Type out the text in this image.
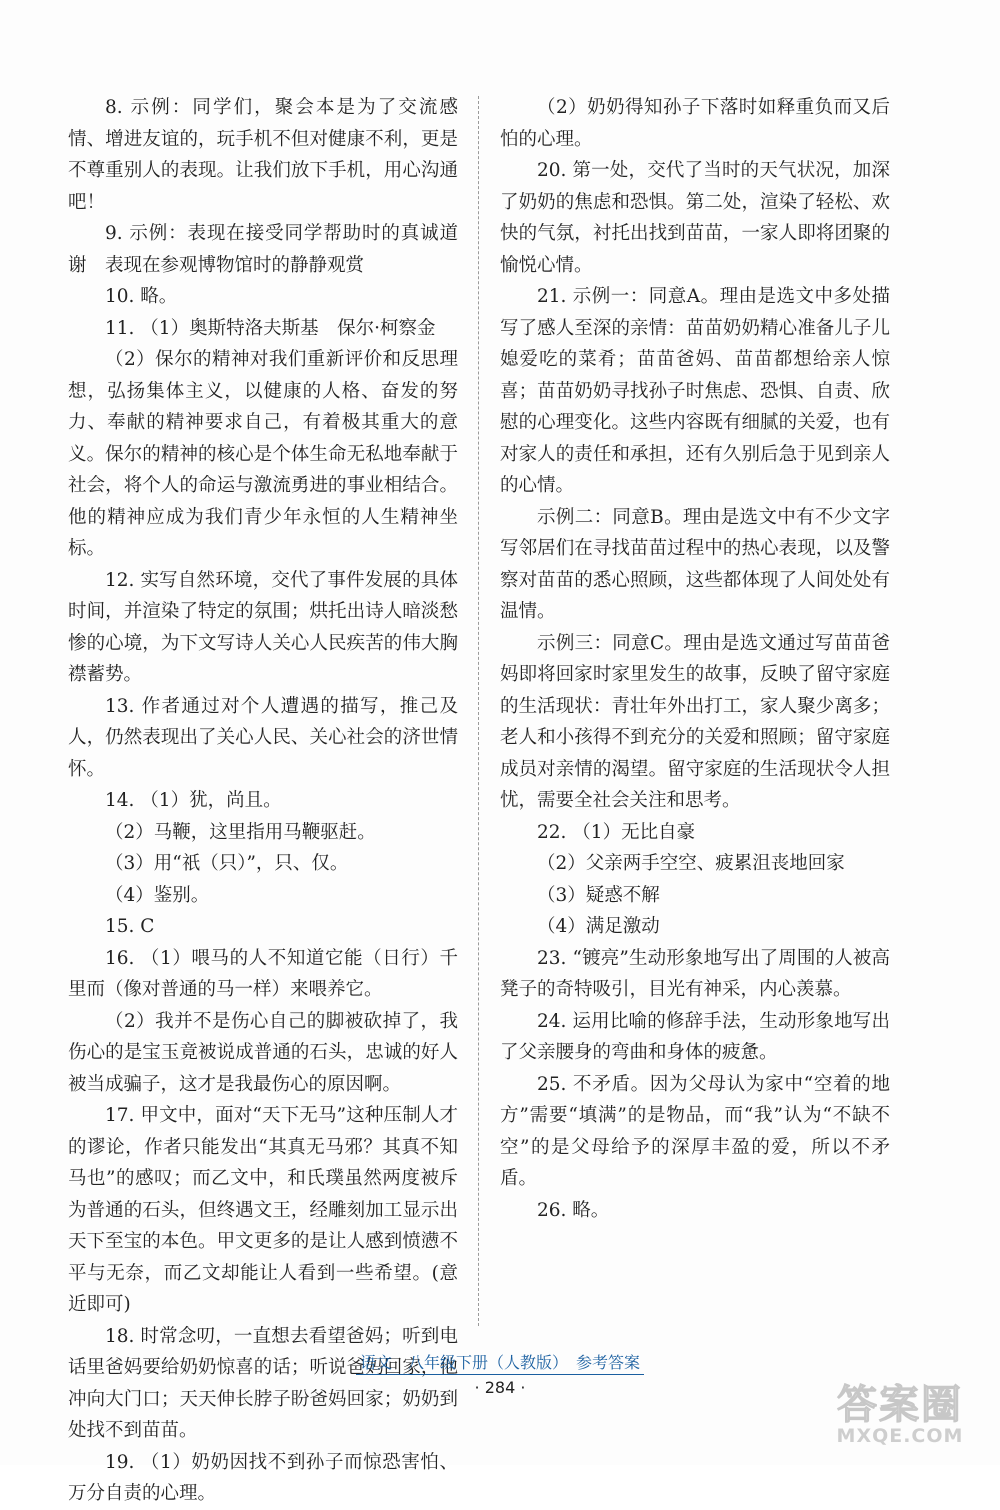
8. 示例：同学们，聚会本是为了交流感情、增进友谊的，玩手机不但对健康不利，更是不尊重别人的表现。让我们放下手机，用心沟通吧！

9. 示例：表现在接受同学帮助时的真诚道谢　表现在参观博物馆时的静静观赏

10. 略。

11. （1）奥斯特洛夫斯基　保尔·柯察金

（2）保尔的精神对我们重新评价和反思理想，弘扬集体主义，以健康的人格、奋发的努力、奉献的精神要求自己，有着极其重大的意义。保尔的精神的核心是个体生命无私地奉献于社会，将个人的命运与激流勇进的事业相结合。他的精神应成为我们青少年永恒的人生精神坐标。

12. 实写自然环境，交代了事件发展的具体时间，并渲染了特定的氛围；烘托出诗人暗淡愁惨的心境，为下文写诗人关心人民疾苦的伟大胸襟蓄势。

13. 作者通过对个人遭遇的描写，推己及人，仍然表现出了关心人民、关心社会的济世情怀。

14. （1）犹，尚且。

（2）马鞭，这里指用马鞭驱赶。

（3）用“祇（只）”，只、仅。

（4）鉴别。

15. C

16. （1）喂马的人不知道它能（日行）千里而（像对普通的马一样）来喂养它。

（2）我并不是伤心自己的脚被砍掉了，我伤心的是宝玉竟被说成普通的石头，忠诚的好人被当成骗子，这才是我最伤心的原因啊。

17. 甲文中，面对“天下无马”这种压制人才的谬论，作者只能发出“其真无马邪？其真不知马也”的感叹；而乙文中，和氏璞虽然两度被斥为普通的石头，但终遇文王，经雕刻加工显示出天下至宝的本色。甲文更多的是让人感到愤懑不平与无奈，而乙文却能让人看到一些希望。(意近即可)

18. 时常念叨，一直想去看望爸妈；听到电话里爸妈要给奶奶惊喜的话；听说爸妈回家，他冲向大门口；天天伸长脖子盼爸妈回家；奶奶到处找不到苗苗。

19. （1）奶奶因找不到孙子而惊恐害怕、万分自责的心理。

（2）奶奶得知孙子下落时如释重负而又后怕的心理。

20. 第一处，交代了当时的天气状况，加深了奶奶的焦虑和恐惧。第二处，渲染了轻松、欢快的气氛，衬托出找到苗苗，一家人即将团聚的愉悦心情。

21. 示例一：同意A。理由是选文中多处描写了感人至深的亲情：苗苗奶奶精心准备儿子儿媳爱吃的菜肴；苗苗爸妈、苗苗都想给亲人惊喜；苗苗奶奶寻找孙子时焦虑、恐惧、自责、欣慰的心理变化。这些内容既有细腻的关爱，也有对家人的责任和承担，还有久别后急于见到亲人的心情。

示例二：同意B。理由是选文中有不少文字写邻居们在寻找苗苗过程中的热心表现，以及警察对苗苗的悉心照顾，这些都体现了人间处处有温情。

示例三：同意C。理由是选文通过写苗苗爸妈即将回家时家里发生的故事，反映了留守家庭的生活现状：青壮年外出打工，家人聚少离多；老人和小孩得不到充分的关爱和照顾；留守家庭成员对亲情的渴望。留守家庭的生活现状令人担忧，需要全社会关注和思考。

22. （1）无比自豪

（2）父亲两手空空、疲累沮丧地回家

（3）疑惑不解

（4）满足激动

23. “镀亮”生动形象地写出了周围的人被高凳子的奇特吸引，目光有神采，内心羡慕。

24. 运用比喻的修辞手法，生动形象地写出了父亲腰身的弯曲和身体的疲惫。

25. 不矛盾。因为父母认为家中“空着的地方”需要“填满”的是物品，而“我”认为“不缺不空”的是父母给予的深厚丰盈的爱，所以不矛盾。

26. 略。

语文　八年级下册（人教版）　参考答案
· 284 ·	答案圈
MXQE.COM
